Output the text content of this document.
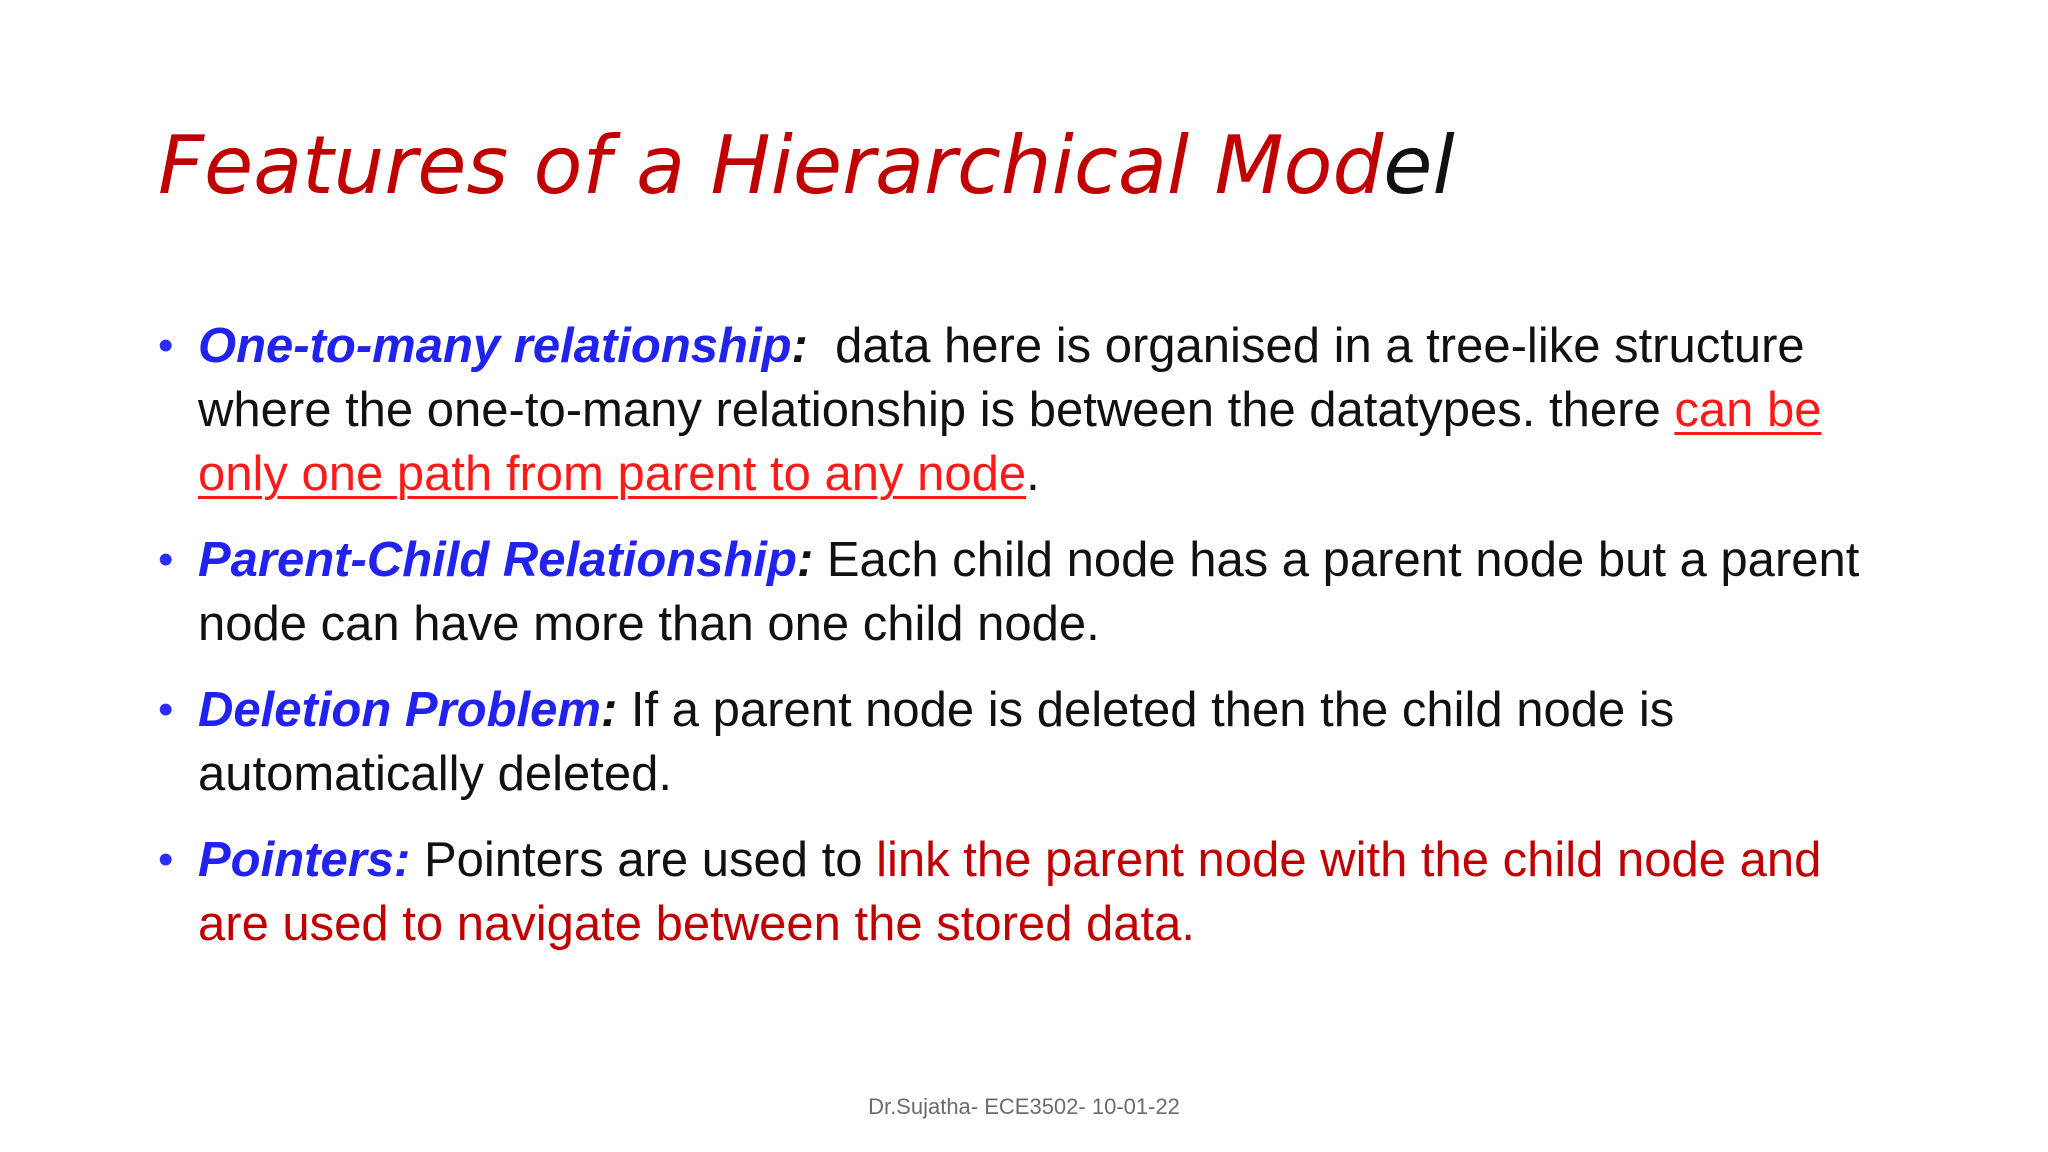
Features of a Hierarchical Model
• One-to-many relationship:  data here is organised in a tree-like structure where the one-to-many relationship is between the datatypes. there can be only one path from parent to any node.
• Parent-Child Relationship: Each child node has a parent node but a parent node can have more than one child node.
• Deletion Problem: If a parent node is deleted then the child node is automatically deleted.
• Pointers: Pointers are used to link the parent node with the child node and are used to navigate between the stored data.
Dr.Sujatha- ECE3502- 10-01-22
